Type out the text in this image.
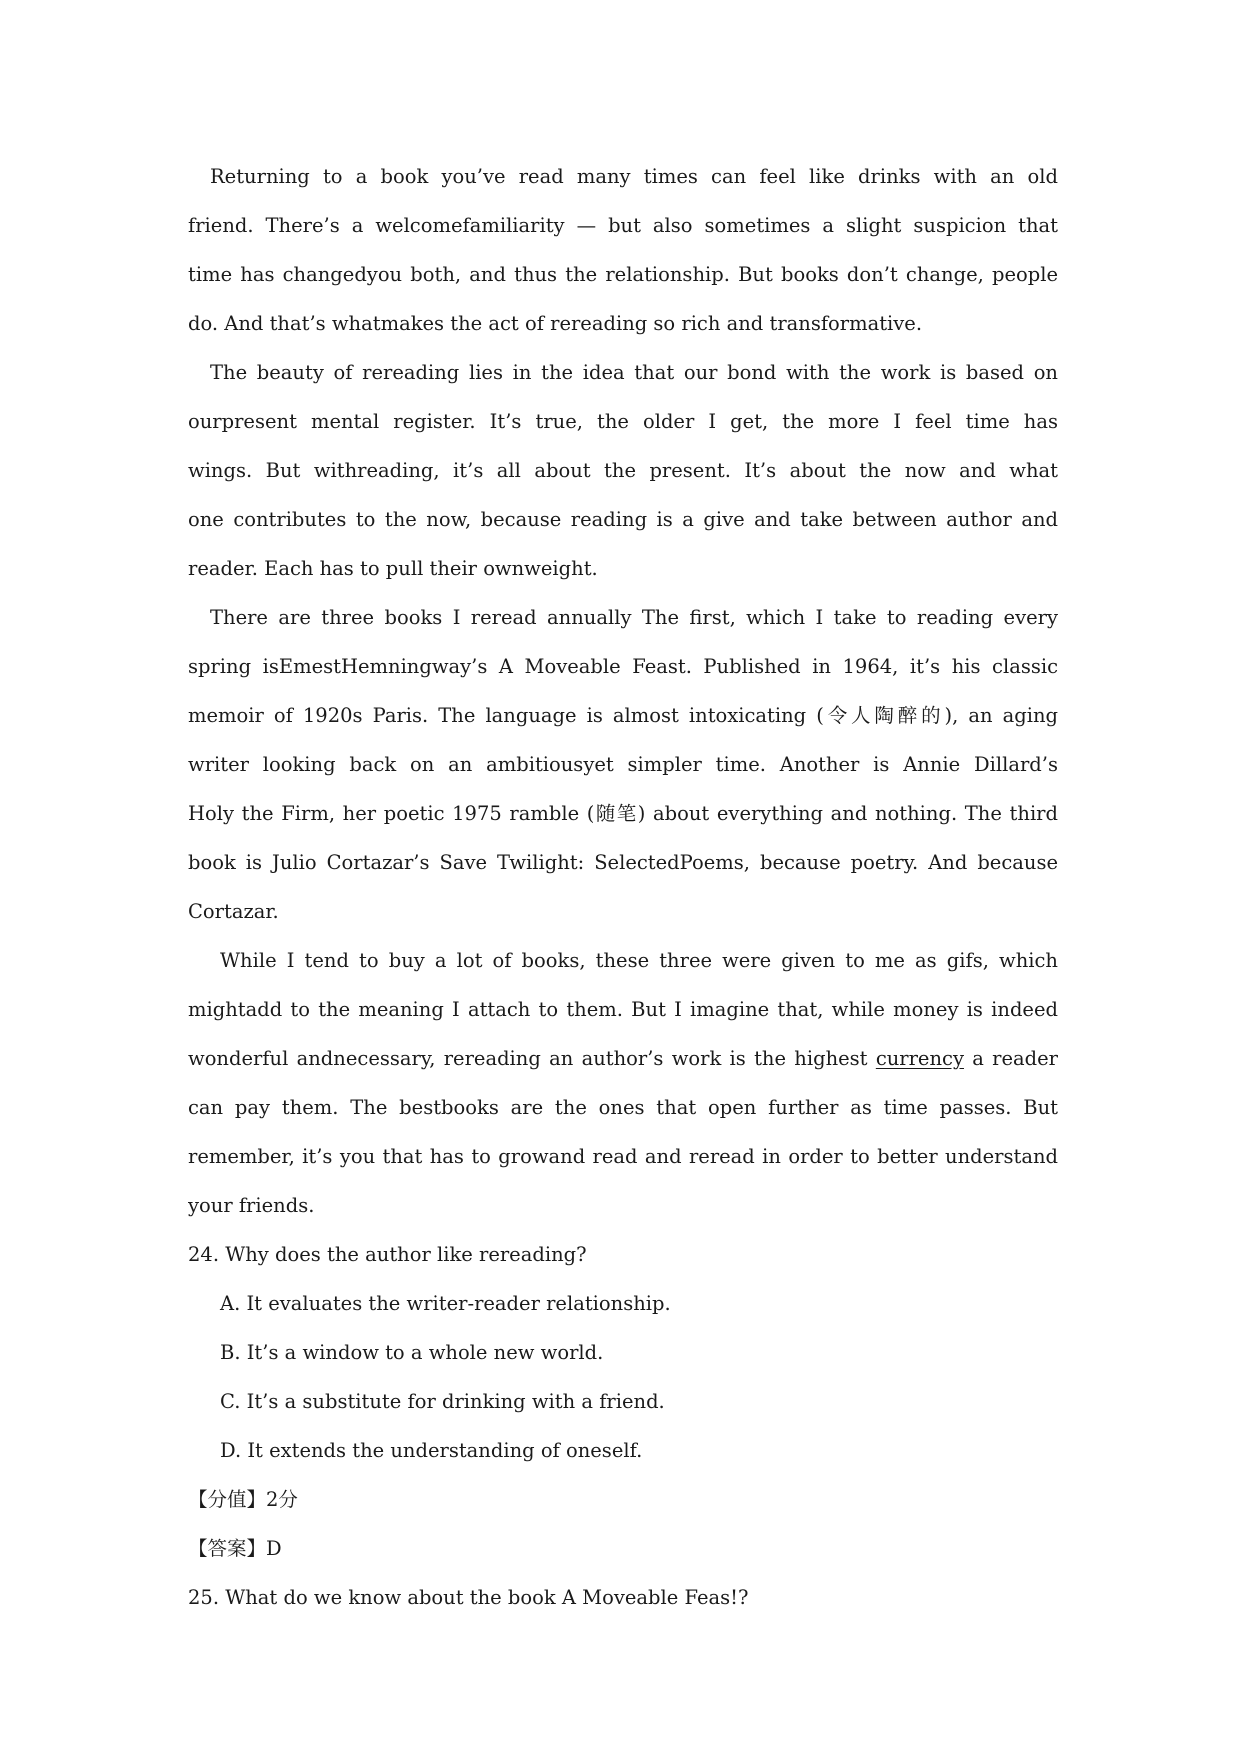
Returning to a book you’ve read many times can feel like drinks with an old
friend. There’s a welcomefamiliarity — but also sometimes a slight suspicion that
time has changedyou both, and thus the relationship. But books don’t change, people
do. And that’s whatmakes the act of rereading so rich and transformative.
The beauty of rereading lies in the idea that our bond with the work is based on
ourpresent mental register. It’s true, the older I get, the more I feel time has
wings. But withreading, it’s all about the present. It’s about the now and what
one contributes to the now, because reading is a give and take between author and
reader. Each has to pull their ownweight.
There are three books I reread annually The first, which I take to reading every
spring isEmestHemningway’s A Moveable Feast. Published in 1964, it’s his classic
memoir of 1920s Paris. The language is almost intoxicating (令人陶醉的), an aging
writer looking back on an ambitiousyet simpler time. Another is Annie Dillard’s
Holy the Firm, her poetic 1975 ramble (随笔) about everything and nothing. The third
book is Julio Cortazar’s Save Twilight: SelectedPoems, because poetry. And because
Cortazar.
While I tend to buy a lot of books, these three were given to me as gifs, which
mightadd to the meaning I attach to them. But I imagine that, while money is indeed
wonderful andnecessary, rereading an author’s work is the highest currency a reader
can pay them. The bestbooks are the ones that open further as time passes. But
remember, it’s you that has to growand read and reread in order to better understand
your friends.
24. Why does the author like rereading?
A. It evaluates the writer-reader relationship.
B. It’s a window to a whole new world.
C. It’s a substitute for drinking with a friend.
D. It extends the understanding of oneself.
【分值】2分
【答案】D
25. What do we know about the book A Moveable Feas!?
